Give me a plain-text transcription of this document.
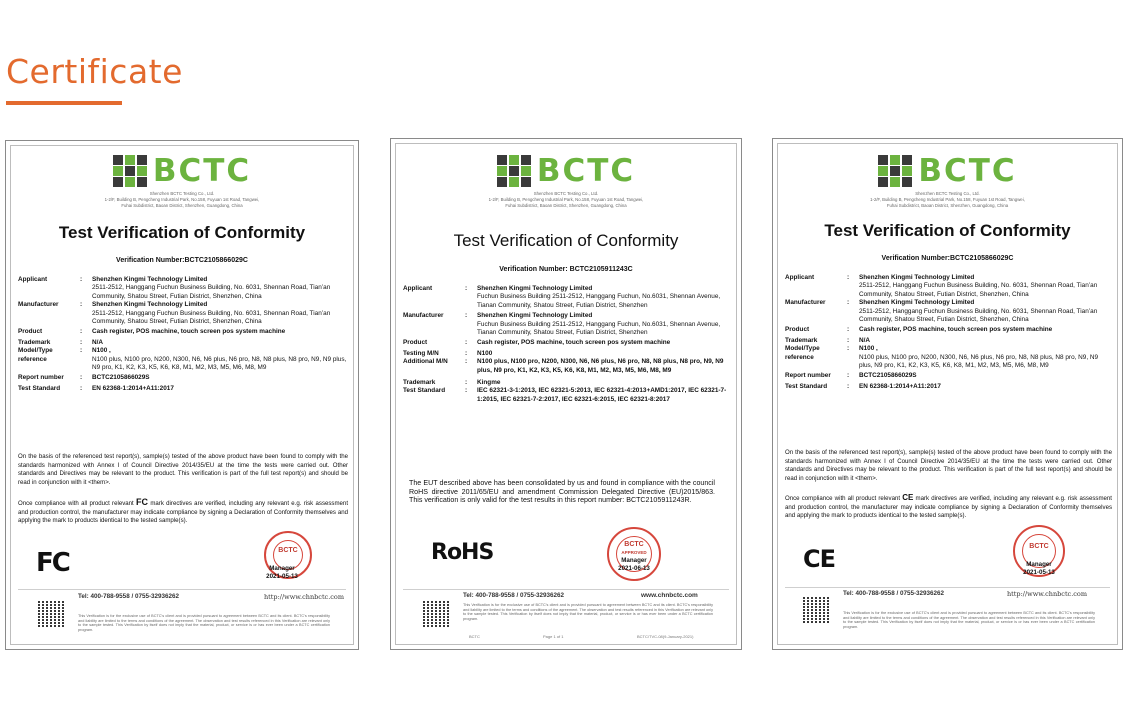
Certificate
BCTC
Shenzhen BCTC Testing Co., Ltd.
1-2/F, Building B, Pengcheng Industrial Park, No.158, Fuyuan 1st Road, Tangwei,
Fuhai Subdistrict, Baoan District, Shenzhen, Guangdong, China
Test Verification of Conformity
Verification Number:BCTC2105866029C
Applicant	:	Shenzhen Kingmi Technology Limited
2511-2512, Hanggang Fuchun Business Building, No. 6031, Shennan Road, Tian’an Community, Shatou Street, Futian District, Shenzhen, China
Manufacturer	:	Shenzhen Kingmi Technology Limited
2511-2512, Hanggang Fuchun Business Building, No. 6031, Shennan Road, Tian’an Community, Shatou Street, Futian District, Shenzhen, China
Product	:	Cash register, POS machine, touch screen pos system machine
Trademark	:	N/A
Model/Type	:	N100 ,
reference	N100 plus, N100 pro, N200, N300, N6, N6 plus, N6 pro, N8, N8 plus, N8 pro, N9, N9 plus, N9 pro, K1, K2, K3, K5, K6, K8, M1, M2, M3, M5, M6, M8, M9
Report number	:	BCTC2105866029S
Test Standard	:	EN 62368-1:2014+A11:2017
On the basis of the referenced test report(s), sample(s) tested of the above product have been found to comply with the standards harmonized with Annex I of Council Directive 2014/35/EU at the time the tests were carried out. Other standards and Directives may be relevant to the product. This verification is part of the full test report(s) and should be read in conjunction with it <them>.
Once compliance with all product relevant FC mark directives are verified, including any relevant e.g. risk assessment and production control, the manufacturer may indicate compliance by signing a Declaration of Conformity themselves and applying the mark to products identical to the tested sample(s).
FC	BCTC
Manager
2021-05-13
Tel: 400-788-9558 / 0755-32936262	http://www.chnbctc.com
This Verification is for the exclusive use of BCTC's client and is provided pursuant to agreement between BCTC and its client. BCTC's responsibility and liability are limited to the terms and conditions of the agreement. The observation and test results referenced in this Verification are relevant only to the sample tested. This Verification by itself does not imply that the material, product, or service is or has ever been under a BCTC certification program.
BCTC
Shenzhen BCTC Testing Co., Ltd.
1-2/F, Building B, Pengcheng Industrial Park, No.158, Fuyuan 1st Road, Tangwei,
Fuhai Subdistrict, Baoan District, Shenzhen, Guangdong, China
Test Verification of Conformity
Verification Number: BCTC2105911243C
Applicant	:	Shenzhen Kingmi Technology Limited
Fuchun Business Building 2511-2512, Hanggang Fuchun, No.6031, Shennan Avenue, Tianan Community, Shatou Street, Futian District, Shenzhen
Manufacturer	:	Shenzhen Kingmi Technology Limited
Fuchun Business Building 2511-2512, Hanggang Fuchun, No.6031, Shennan Avenue, Tianan Community, Shatou Street, Futian District, Shenzhen
Product	:	Cash register, POS machine, touch screen pos system machine
Testing M/N	:	N100
Additional M/N	:	N100 plus, N100 pro, N200, N300, N6, N6 plus, N6 pro, N8, N8 plus, N8 pro, N9, N9 plus, N9 pro, K1, K2, K3, K5, K6, K8, M1, M2, M3, M5, M6, M8, M9
Trademark	:	Kingme
Test Standard	:	IEC 62321-3-1:2013, IEC 62321-5:2013, IEC 62321-4:2013+AMD1:2017, IEC 62321-7-1:2015, IEC 62321-7-2:2017, IEC 62321-6:2015, IEC 62321-8:2017
The EUT described above has been consolidated by us and found in compliance with the council RoHS directive 2011/65/EU and amendment Commission Delegated Directive (EU)2015/863. This verification is only valid for the test results in this report number: BCTC2105911243R.
RoHS	BCTC
APPROVED
Manager
2021-06-13
Tel: 400-788-9558 / 0755-32936262	www.chnbctc.com
This Verification is for the exclusive use of BCTC's client and is provided pursuant to agreement between BCTC and its client. BCTC's responsibility and liability are limited to the terms and conditions of the agreement. The observation and test results referenced in this Verification are relevant only to the sample tested. This Verification by itself does not imply that the material, product, or service is or has ever been under a BCTC certification program.
BCTC	Page 1 of 1	BCTC/TVC-08(9-January-2021)
BCTC
Shenzhen BCTC Testing Co., Ltd.
1-2/F, Building B, Pengcheng Industrial Park, No.158, Fuyuan 1st Road, Tangwei,
Fuhai Subdistrict, Baoan District, Shenzhen, Guangdong, China
Test Verification of Conformity
Verification Number:BCTC2105866029C
Applicant	:	Shenzhen Kingmi Technology Limited
2511-2512, Hanggang Fuchun Business Building, No. 6031, Shennan Road, Tian’an Community, Shatou Street, Futian District, Shenzhen, China
Manufacturer	:	Shenzhen Kingmi Technology Limited
2511-2512, Hanggang Fuchun Business Building, No. 6031, Shennan Road, Tian’an Community, Shatou Street, Futian District, Shenzhen, China
Product	:	Cash register, POS machine, touch screen pos system machine
Trademark	:	N/A
Model/Type	:	N100 ,
reference	N100 plus, N100 pro, N200, N300, N6, N6 plus, N6 pro, N8, N8 plus, N8 pro, N9, N9 plus, N9 pro, K1, K2, K3, K5, K6, K8, M1, M2, M3, M5, M6, M8, M9
Report number	:	BCTC2105866029S
Test Standard	:	EN 62368-1:2014+A11:2017
On the basis of the referenced test report(s), sample(s) tested of the above product have been found to comply with the standards harmonized with Annex I of Council Directive 2014/35/EU at the time the tests were carried out. Other standards and Directives may be relevant to the product. This verification is part of the full test report(s) and should be read in conjunction with it <them>.
Once compliance with all product relevant CE mark directives are verified, including any relevant e.g. risk assessment and production control, the manufacturer may indicate compliance by signing a Declaration of Conformity themselves and applying the mark to products identical to the tested sample(s).
CE	BCTC
Manager
2021-05-13
Tel: 400-788-9558 / 0755-32936262	http://www.chnbctc.com
This Verification is for the exclusive use of BCTC's client and is provided pursuant to agreement between BCTC and its client. BCTC's responsibility and liability are limited to the terms and conditions of the agreement. The observation and test results referenced in this Verification are relevant only to the sample tested. This Verification by itself does not imply that the material, product, or service is or has ever been under a BCTC certification program.
